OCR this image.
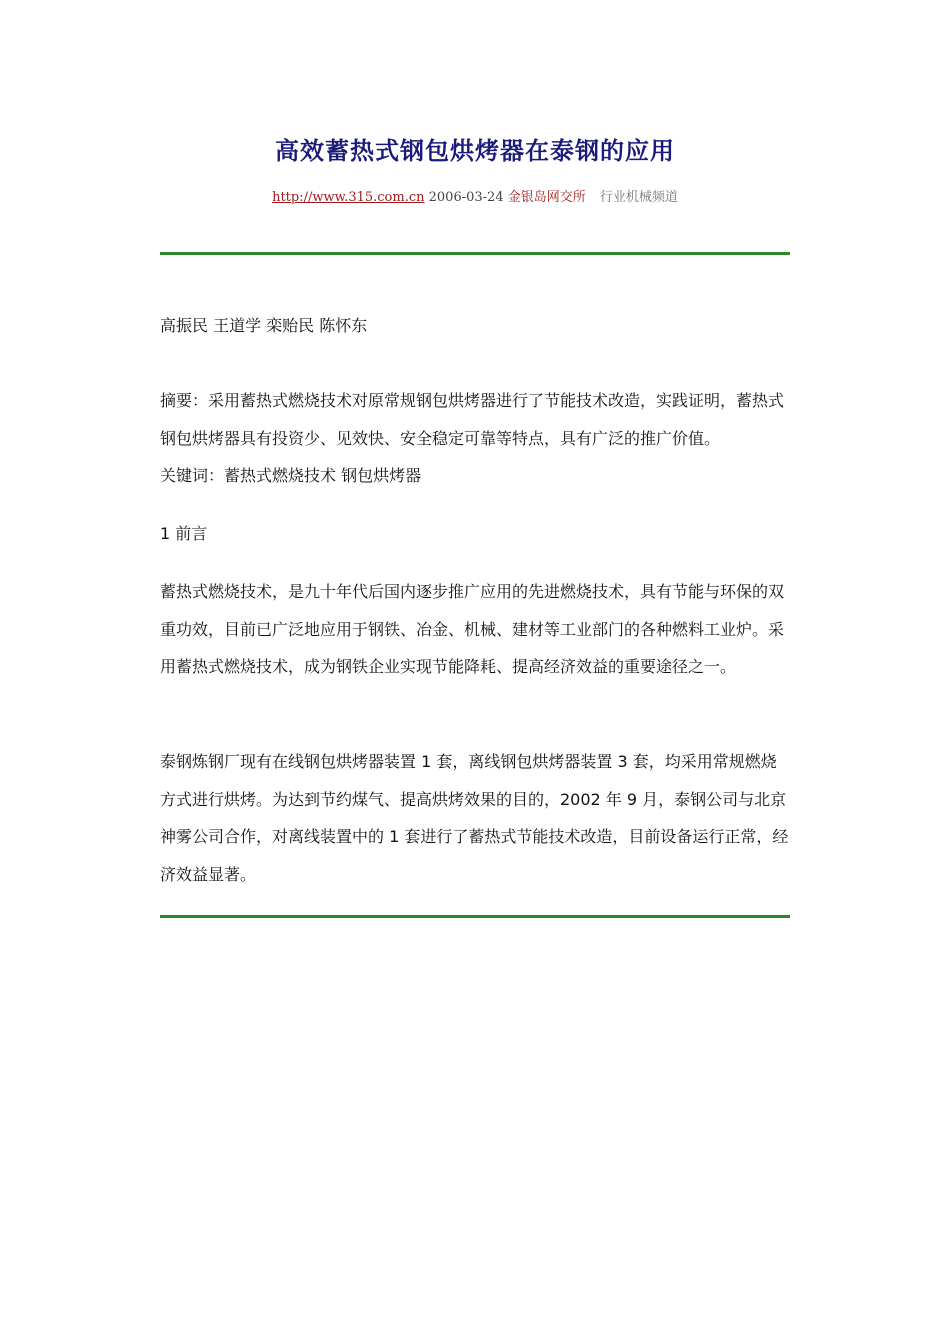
高效蓄热式钢包烘烤器在泰钢的应用
http://www.315.com.cn 2006-03-24 金银岛网交所 行业机械频道

高振民 王道学 栾贻民 陈怀东

摘要：采用蓄热式燃烧技术对原常规钢包烘烤器进行了节能技术改造，实践证明，蓄热式钢包烘烤器具有投资少、见效快、安全稳定可靠等特点，具有广泛的推广价值。
关键词：蓄热式燃烧技术 钢包烘烤器

1 前言

蓄热式燃烧技术，是九十年代后国内逐步推广应用的先进燃烧技术，具有节能与环保的双重功效，目前已广泛地应用于钢铁、冶金、机械、建材等工业部门的各种燃料工业炉。采用蓄热式燃烧技术，成为钢铁企业实现节能降耗、提高经济效益的重要途径之一。

泰钢炼钢厂现有在线钢包烘烤器装置 1 套，离线钢包烘烤器装置 3 套，均采用常规燃烧方式进行烘烤。为达到节约煤气、提高烘烤效果的目的，2002 年 9 月，泰钢公司与北京神雾公司合作，对离线装置中的 1 套进行了蓄热式节能技术改造，目前设备运行正常，经济效益显著。
